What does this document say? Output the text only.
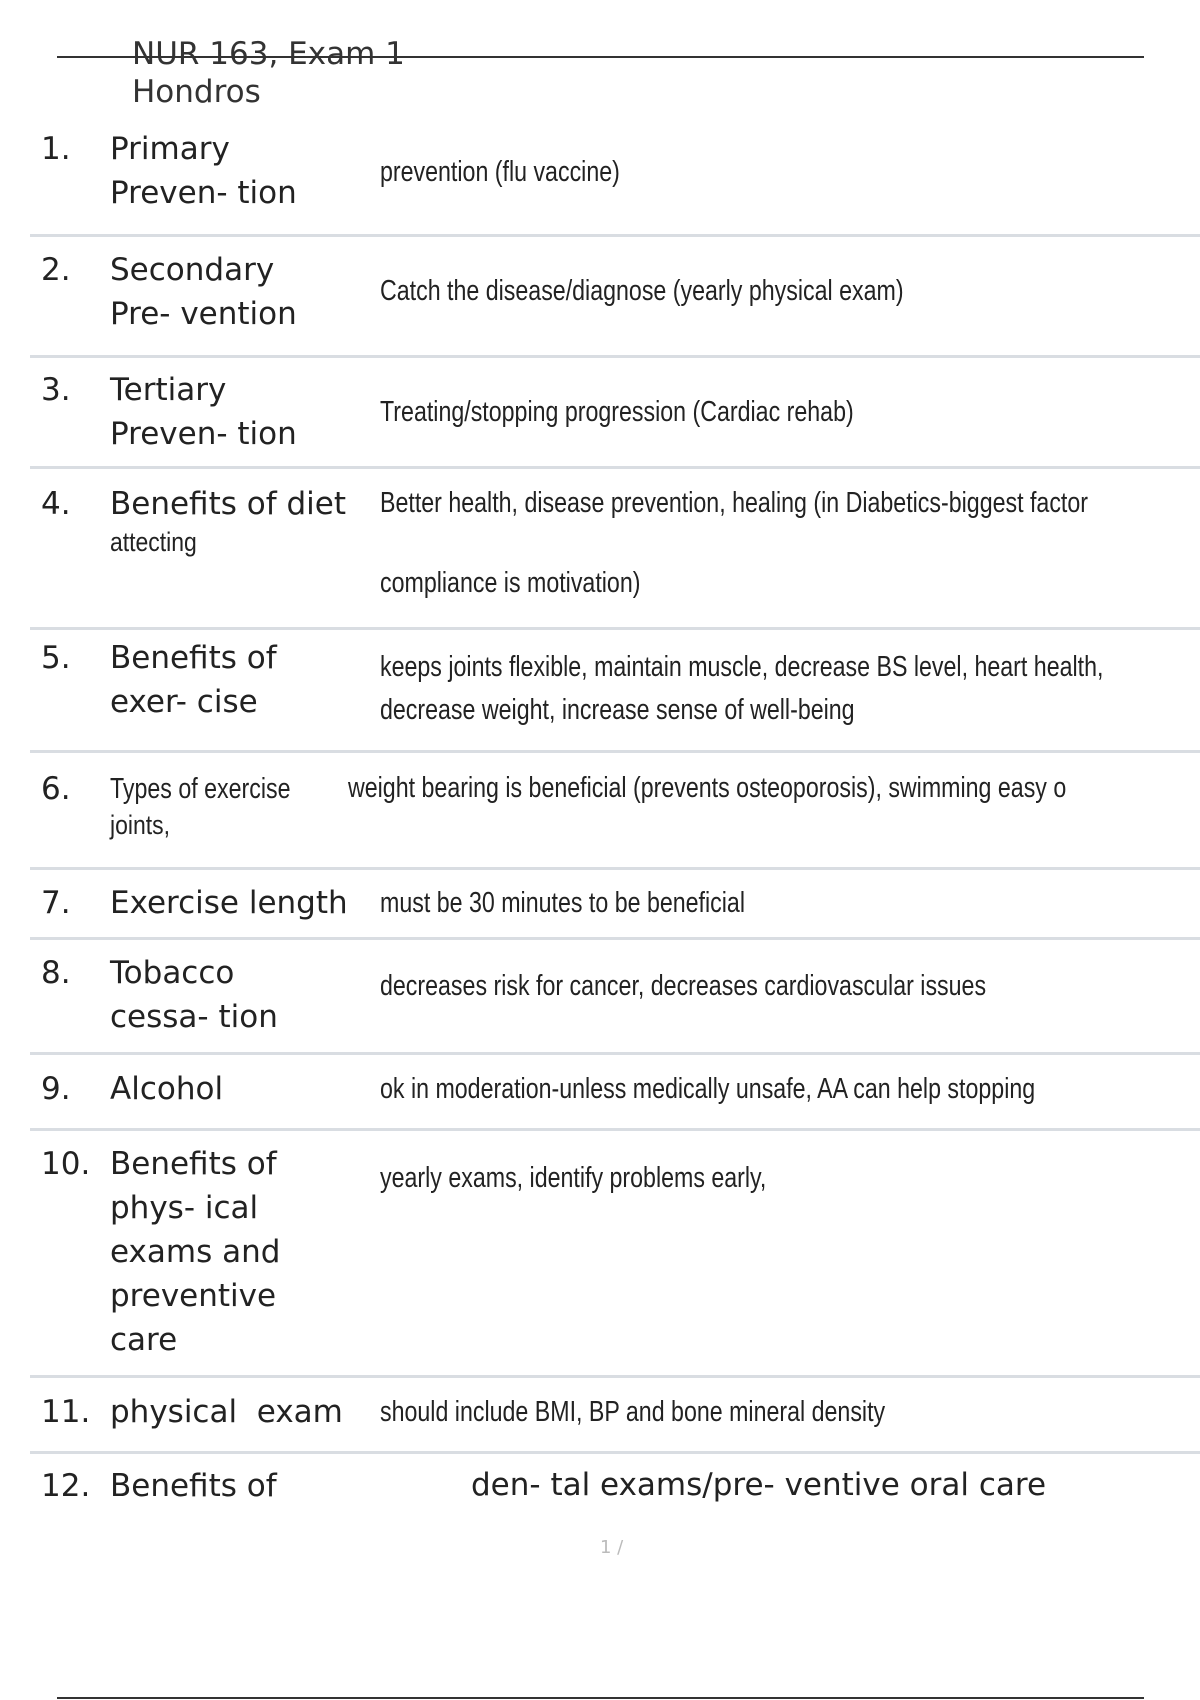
NUR 163, Exam 1
Hondros
1. Primary
Preven- tion
prevention (flu vaccine)
2. Secondary
Pre- vention
Catch the disease/diagnose (yearly physical exam)
3. Tertiary
Preven- tion
Treating/stopping progression (Cardiac rehab)
4. Benefits of diet
attecting
Better health, disease prevention, healing (in Diabetics-biggest factor
compliance is motivation)
5. Benefits of
exer- cise
keeps joints flexible, maintain muscle, decrease BS level, heart health,
decrease weight, increase sense of well-being
6. Types of exercise
joints,
weight bearing is beneficial (prevents osteoporosis), swimming easy o
7. Exercise length must be 30 minutes to be beneficial
8. Tobacco
cessa- tion
decreases risk for cancer, decreases cardiovascular issues
9. Alcohol	ok in moderation-unless medically unsafe, AA can help stopping
10. Benefits of
phys- ical
exams and
preventive
care
yearly exams, identify problems early,
11. physical  exam should include BMI, BP and bone mineral density
12. Benefits of	den- tal exams/pre- ventive oral care
1 /
